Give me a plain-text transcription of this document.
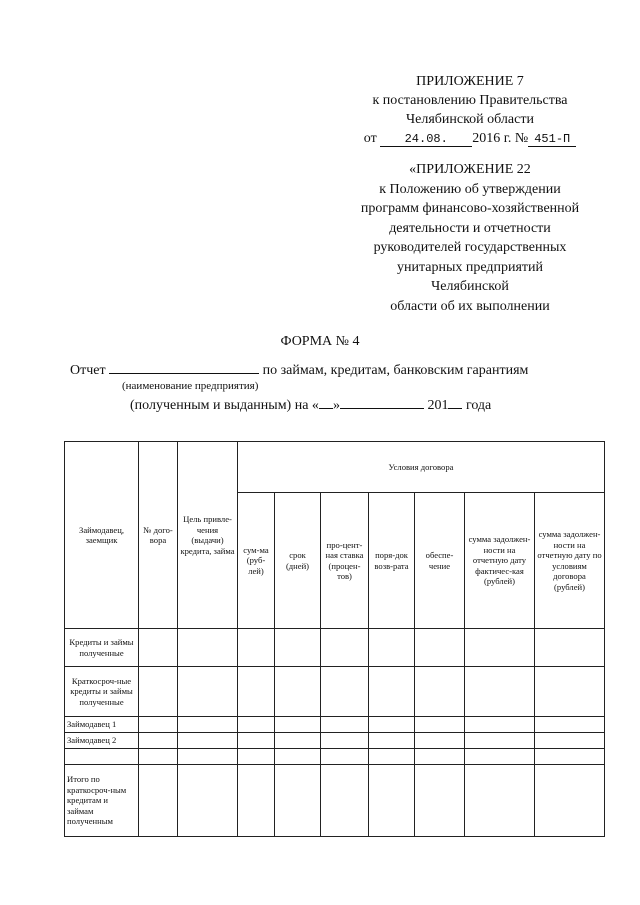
ПРИЛОЖЕНИЕ 7
к постановлению Правительства
Челябинской области
от 24.08. 2016 г. № 451-П
«ПРИЛОЖЕНИЕ 22
к Положению об утверждении
программ финансово-хозяйственной
деятельности и отчетности
руководителей государственных
унитарных предприятий
Челябинской
области об их выполнении
ФОРМА № 4
Отчет	по займам, кредитам, банковским гарантиям
(наименование предприятия)
(полученным и выданным) на « »	201 года
Займодавец, заемщик	№ дого-вора	Цель привле-чения (выдачи) кредита, займа	Условия договора						
			сум-ма (руб-лей)	срок (дней)	про-цент-ная ставка (процен-тов)	поря-док возв-рата	обеспе-чение	сумма задолжен-ности на отчетную дату фактичес-кая (рублей)	сумма задолжен-ности на отчетную дату по условиям договора (рублей)
Кредиты и займы полученные									
Краткосроч-ные кредиты и займы полученные									
Займодавец 1									
Займодавец 2									

Итого по краткосроч-ным кредитам и займам полученным									
